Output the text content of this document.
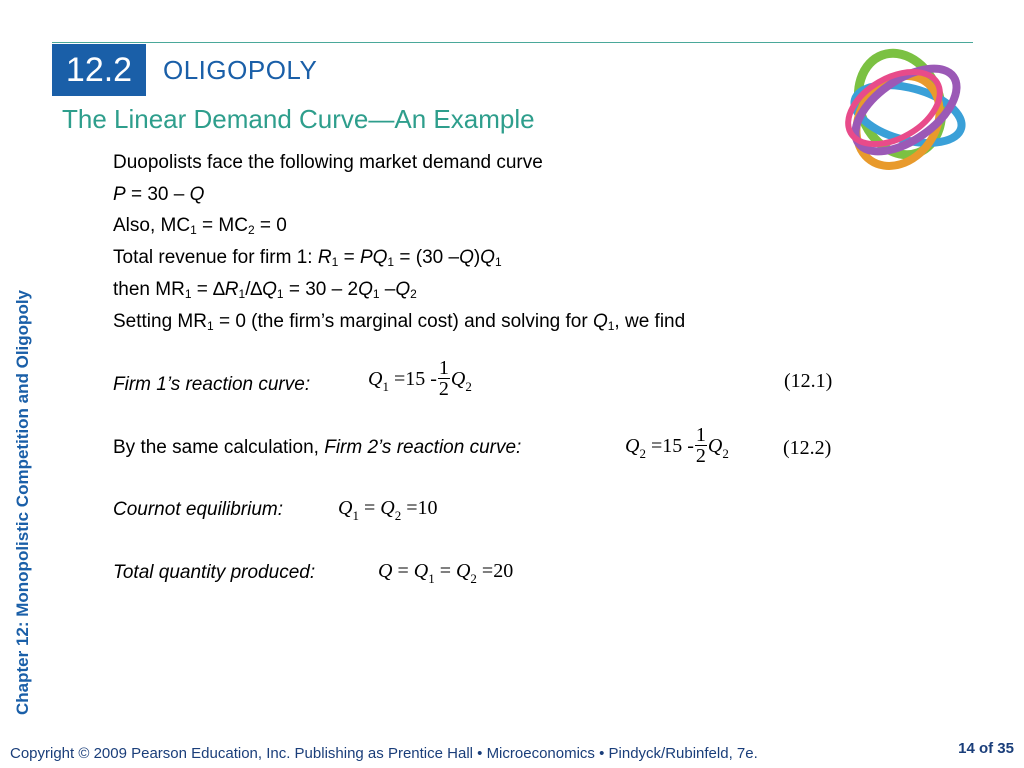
12.2	OLIGOPOLY
The Linear Demand Curve—An Example
Chapter 12: Monopolistic Competition and Oligopoly
Duopolists face the following market demand curve
P = 30 – Q
Also, $MC_1 = MC_2 = 0$
Total revenue for firm 1: $R_1 = PQ_1 = (30$ $-Q)Q_1$
then $MR_1 = \Delta R_1/\Delta Q_1 = 30 - 2Q_1$ $-Q_2$
Setting $MR_1 = 0$ (the firm’s marginal cost) and solving for $Q_1$, we find
Firm 1’s reaction curve:	$Q_1 =15 - \frac{1}{2} Q_2$	(12.1)
By the same calculation, Firm 2’s reaction curve:	$Q_2 =15 - \frac{1}{2} Q_2$	(12.2)
Cournot equilibrium:	$Q_1 = Q_2 =10$
Total quantity produced:	$Q = Q_1 = Q_2 =20$
Copyright © 2009 Pearson Education, Inc. Publishing as Prentice Hall • Microeconomics • Pindyck/Rubinfeld, 7e.	14 of 35
